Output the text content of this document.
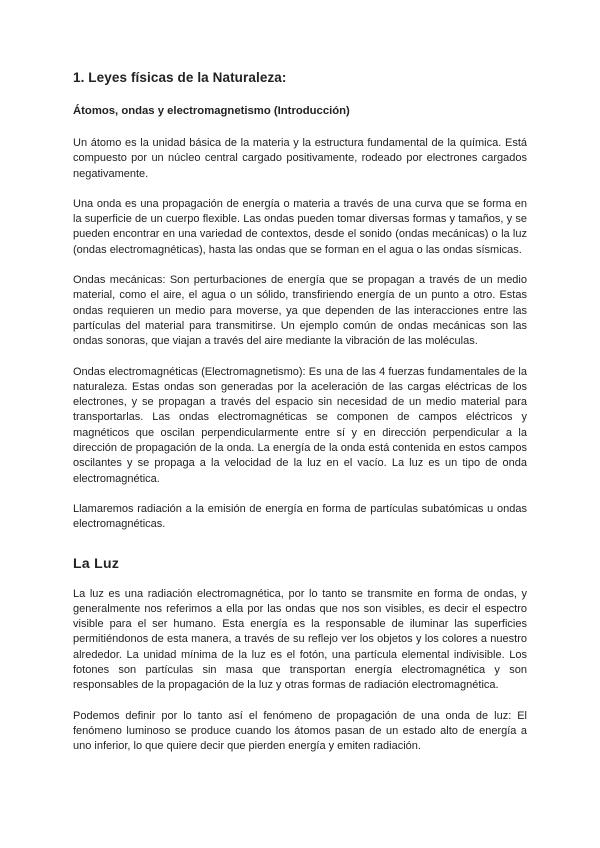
1. Leyes físicas de la Naturaleza:
Átomos, ondas y electromagnetismo (Introducción)

Un átomo es la unidad básica de la materia y la estructura fundamental de la química. Está compuesto por un núcleo central cargado positivamente, rodeado por electrones cargados negativamente.

Una onda es una propagación de energía o materia a través de una curva que se forma en la superficie de un cuerpo flexible. Las ondas pueden tomar diversas formas y tamaños, y se pueden encontrar en una variedad de contextos, desde el sonido (ondas mecánicas) o la luz (ondas electromagnéticas), hasta las ondas que se forman en el agua o las ondas sísmicas.

Ondas mecánicas: Son perturbaciones de energía que se propagan a través de un medio material, como el aire, el agua o un sólido, transfiriendo energía de un punto a otro. Estas ondas requieren un medio para moverse, ya que dependen de las interacciones entre las partículas del material para transmitirse. Un ejemplo común de ondas mecánicas son las ondas sonoras, que viajan a través del aire mediante la vibración de las moléculas.

Ondas electromagnéticas (Electromagnetismo): Es una de las 4 fuerzas fundamentales de la naturaleza. Estas ondas son generadas por la aceleración de las cargas eléctricas de los electrones, y se propagan a través del espacio sin necesidad de un medio material para transportarlas. Las ondas electromagnéticas se componen de campos eléctricos y magnéticos que oscilan perpendicularmente entre sí y en dirección perpendicular a la dirección de propagación de la onda. La energía de la onda está contenida en estos campos oscilantes y se propaga a la velocidad de la luz en el vacío. La luz es un tipo de onda electromagnética.

Llamaremos radiación a la emisión de energía en forma de partículas subatómicas u ondas electromagnéticas.

La Luz

La luz es una radiación electromagnética, por lo tanto se transmite en forma de ondas, y generalmente nos referimos a ella por las ondas que nos son visibles, es decir el espectro visible para el ser humano. Esta energía es la responsable de iluminar las superficies permitiéndonos de esta manera, a través de su reflejo ver los objetos y los colores a nuestro alrededor. La unidad mínima de la luz es el fotón, una partícula elemental indivisible. Los fotones son partículas sin masa que transportan energía electromagnética y son responsables de la propagación de la luz y otras formas de radiación electromagnética.

Podemos definir por lo tanto así el fenómeno de propagación de una onda de luz: El fenómeno luminoso se produce cuando los átomos pasan de un estado alto de energía a uno inferior, lo que quiere decir que pierden energía y emiten radiación.
